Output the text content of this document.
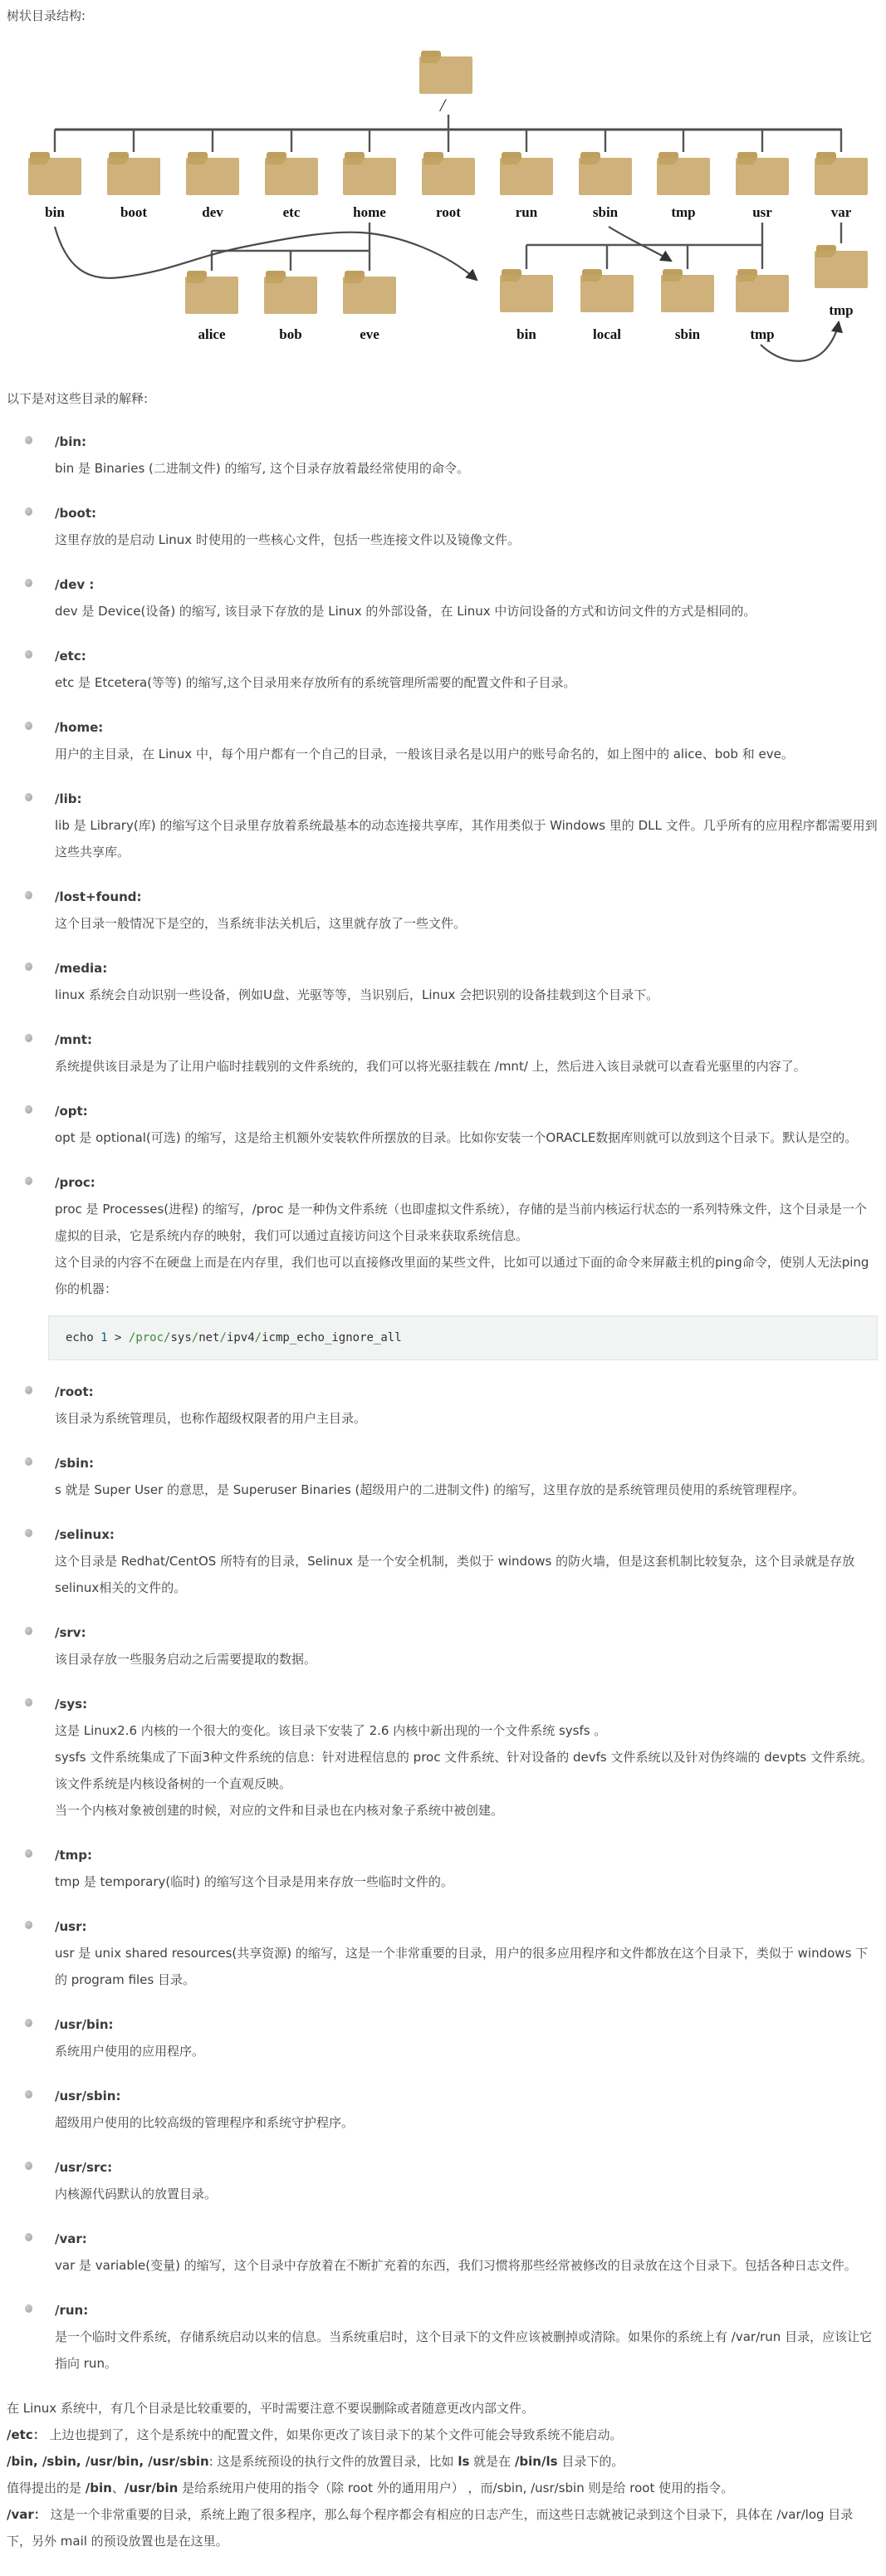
树状目录结构:

/
bin	boot	dev	etc	home	root	run	sbin	tmp	usr	var
alice	bob	eve	bin	local	sbin	tmp
tmp

以下是对这些目录的解释:

/bin:

bin 是 Binaries (二进制文件) 的缩写, 这个目录存放着最经常使用的命令。

/boot:

这里存放的是启动 Linux 时使用的一些核心文件，包括一些连接文件以及镜像文件。

/dev :

dev 是 Device(设备) 的缩写, 该目录下存放的是 Linux 的外部设备，在 Linux 中访问设备的方式和访问文件的方式是相同的。

/etc:

etc 是 Etcetera(等等) 的缩写,这个目录用来存放所有的系统管理所需要的配置文件和子目录。

/home:

用户的主目录，在 Linux 中，每个用户都有一个自己的目录，一般该目录名是以用户的账号命名的，如上图中的 alice、bob 和 eve。

/lib:

lib 是 Library(库) 的缩写这个目录里存放着系统最基本的动态连接共享库，其作用类似于 Windows 里的 DLL 文件。几乎所有的应用程序都需要用到这些共享库。

/lost+found:

这个目录一般情况下是空的，当系统非法关机后，这里就存放了一些文件。

/media:

linux 系统会自动识别一些设备，例如U盘、光驱等等，当识别后，Linux 会把识别的设备挂载到这个目录下。

/mnt:

系统提供该目录是为了让用户临时挂载别的文件系统的，我们可以将光驱挂载在 /mnt/ 上，然后进入该目录就可以查看光驱里的内容了。

/opt:

opt 是 optional(可选) 的缩写，这是给主机额外安装软件所摆放的目录。比如你安装一个ORACLE数据库则就可以放到这个目录下。默认是空的。

/proc:

proc 是 Processes(进程) 的缩写，/proc 是一种伪文件系统（也即虚拟文件系统），存储的是当前内核运行状态的一系列特殊文件，这个目录是一个虚拟的目录，它是系统内存的映射，我们可以通过直接访问这个目录来获取系统信息。

这个目录的内容不在硬盘上而是在内存里，我们也可以直接修改里面的某些文件，比如可以通过下面的命令来屏蔽主机的ping命令，使别人无法ping你的机器：

echo 1 > /proc/sys/net/ipv4/icmp_echo_ignore_all
/root:

该目录为系统管理员，也称作超级权限者的用户主目录。

/sbin:

s 就是 Super User 的意思，是 Superuser Binaries (超级用户的二进制文件) 的缩写，这里存放的是系统管理员使用的系统管理程序。

/selinux:

这个目录是 Redhat/CentOS 所特有的目录，Selinux 是一个安全机制，类似于 windows 的防火墙，但是这套机制比较复杂，这个目录就是存放selinux相关的文件的。

/srv:

该目录存放一些服务启动之后需要提取的数据。

/sys:

这是 Linux2.6 内核的一个很大的变化。该目录下安装了 2.6 内核中新出现的一个文件系统 sysfs 。

sysfs 文件系统集成了下面3种文件系统的信息：针对进程信息的 proc 文件系统、针对设备的 devfs 文件系统以及针对伪终端的 devpts 文件系统。

该文件系统是内核设备树的一个直观反映。

当一个内核对象被创建的时候，对应的文件和目录也在内核对象子系统中被创建。

/tmp:

tmp 是 temporary(临时) 的缩写这个目录是用来存放一些临时文件的。

/usr:

usr 是 unix shared resources(共享资源) 的缩写，这是一个非常重要的目录，用户的很多应用程序和文件都放在这个目录下，类似于 windows 下的 program files 目录。

/usr/bin:

系统用户使用的应用程序。

/usr/sbin:

超级用户使用的比较高级的管理程序和系统守护程序。

/usr/src:

内核源代码默认的放置目录。

/var:

var 是 variable(变量) 的缩写，这个目录中存放着在不断扩充着的东西，我们习惯将那些经常被修改的目录放在这个目录下。包括各种日志文件。

/run:

是一个临时文件系统，存储系统启动以来的信息。当系统重启时，这个目录下的文件应该被删掉或清除。如果你的系统上有 /var/run 目录，应该让它指向 run。

在 Linux 系统中，有几个目录是比较重要的，平时需要注意不要误删除或者随意更改内部文件。

/etc： 上边也提到了，这个是系统中的配置文件，如果你更改了该目录下的某个文件可能会导致系统不能启动。

/bin, /sbin, /usr/bin, /usr/sbin: 这是系统预设的执行文件的放置目录，比如 ls 就是在 /bin/ls 目录下的。

值得提出的是 /bin、/usr/bin 是给系统用户使用的指令（除 root 外的通用用户） ，而/sbin, /usr/sbin 则是给 root 使用的指令。

/var： 这是一个非常重要的目录，系统上跑了很多程序，那么每个程序都会有相应的日志产生，而这些日志就被记录到这个目录下，具体在 /var/log 目录下，另外 mail 的预设放置也是在这里。
